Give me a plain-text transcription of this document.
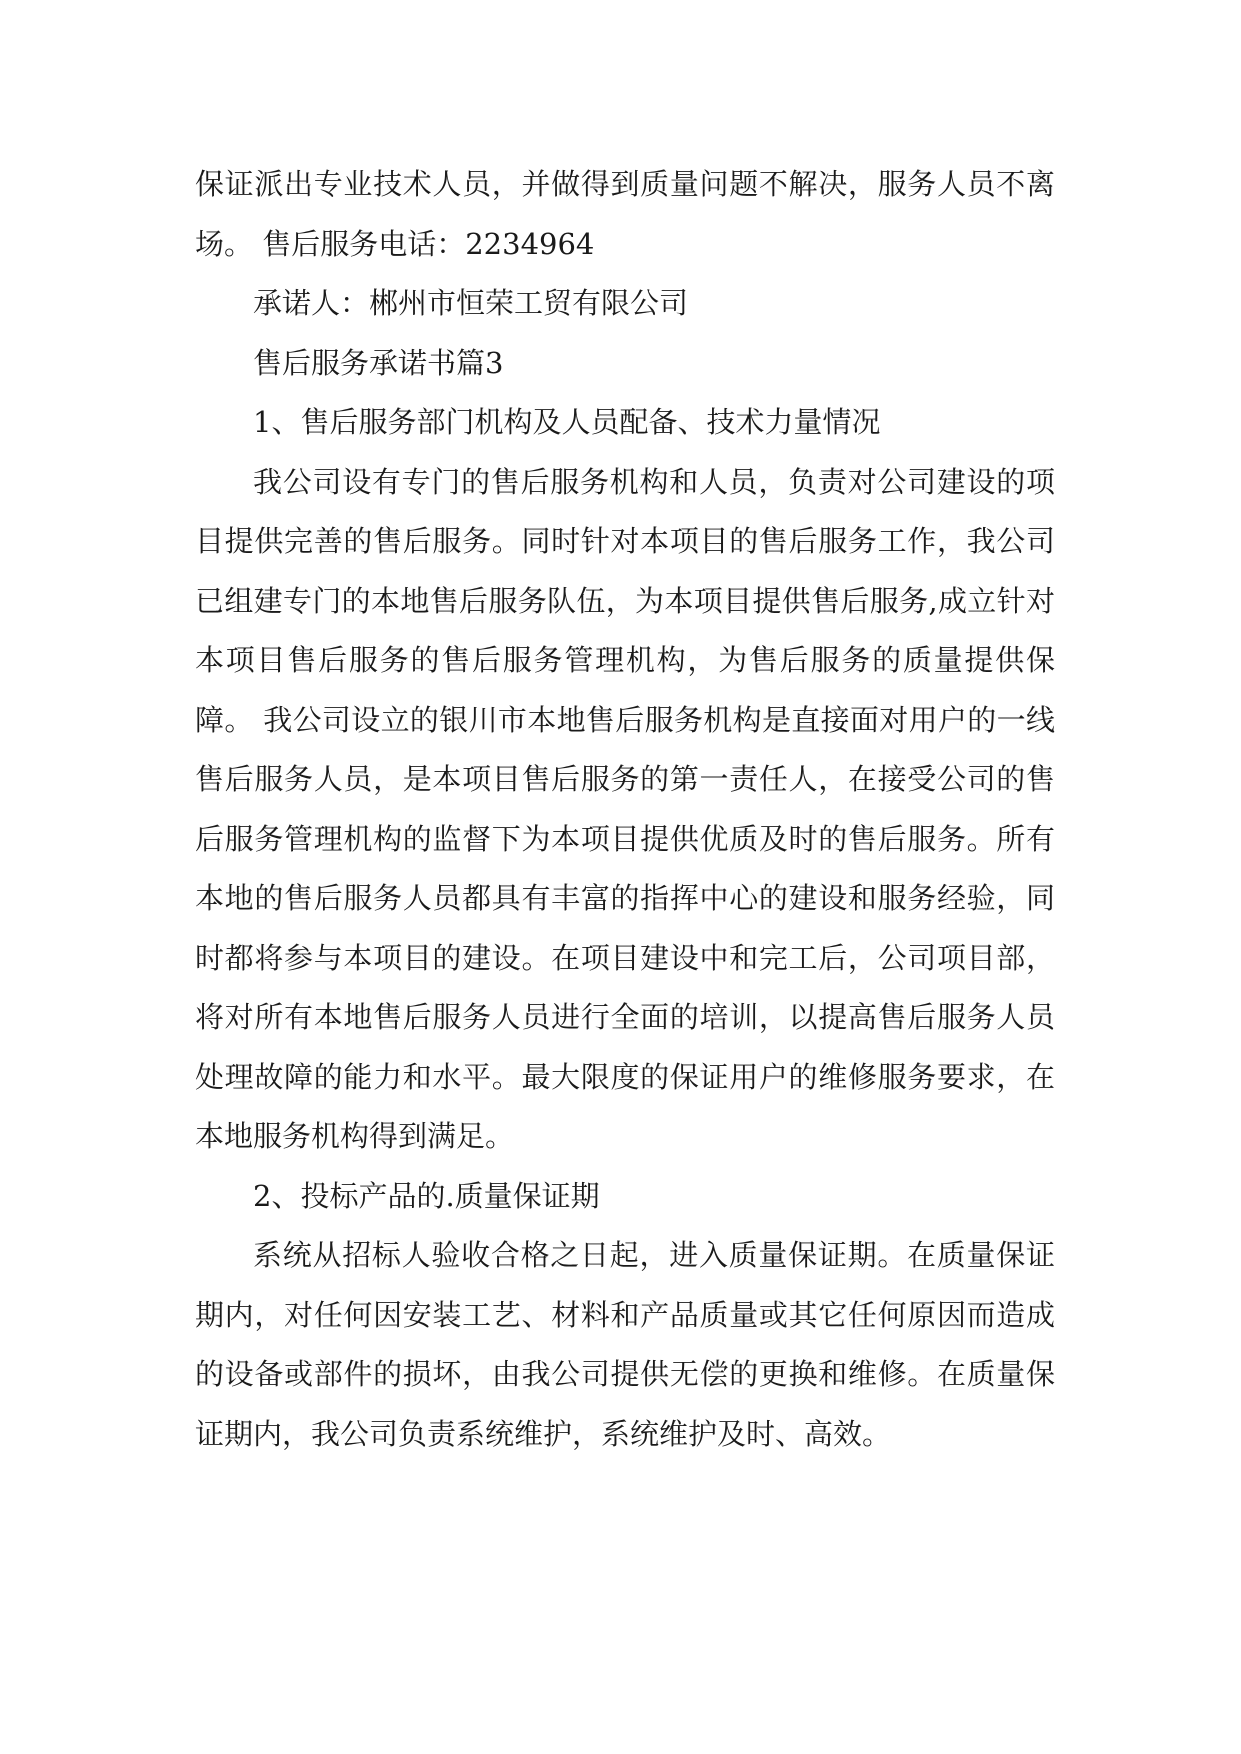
保证派出专业技术人员，并做得到质量问题不解决，服务人员不离场。 售后服务电话：2234964

承诺人：郴州市恒荣工贸有限公司

售后服务承诺书篇3

1、售后服务部门机构及人员配备、技术力量情况

我公司设有专门的售后服务机构和人员，负责对公司建设的项目提供完善的售后服务。同时针对本项目的售后服务工作，我公司已组建专门的本地售后服务队伍，为本项目提供售后服务,成立针对本项目售后服务的售后服务管理机构，为售后服务的质量提供保障。 我公司设立的银川市本地售后服务机构是直接面对用户的一线售后服务人员，是本项目售后服务的第一责任人，在接受公司的售后服务管理机构的监督下为本项目提供优质及时的售后服务。所有本地的售后服务人员都具有丰富的指挥中心的建设和服务经验，同时都将参与本项目的建设。在项目建设中和完工后，公司项目部，将对所有本地售后服务人员进行全面的培训，以提高售后服务人员处理故障的能力和水平。最大限度的保证用户的维修服务要求，在本地服务机构得到满足。

2、投标产品的.质量保证期

系统从招标人验收合格之日起，进入质量保证期。在质量保证期内，对任何因安装工艺、材料和产品质量或其它任何原因而造成的设备或部件的损坏，由我公司提供无偿的更换和维修。在质量保证期内，我公司负责系统维护，系统维护及时、高效。
